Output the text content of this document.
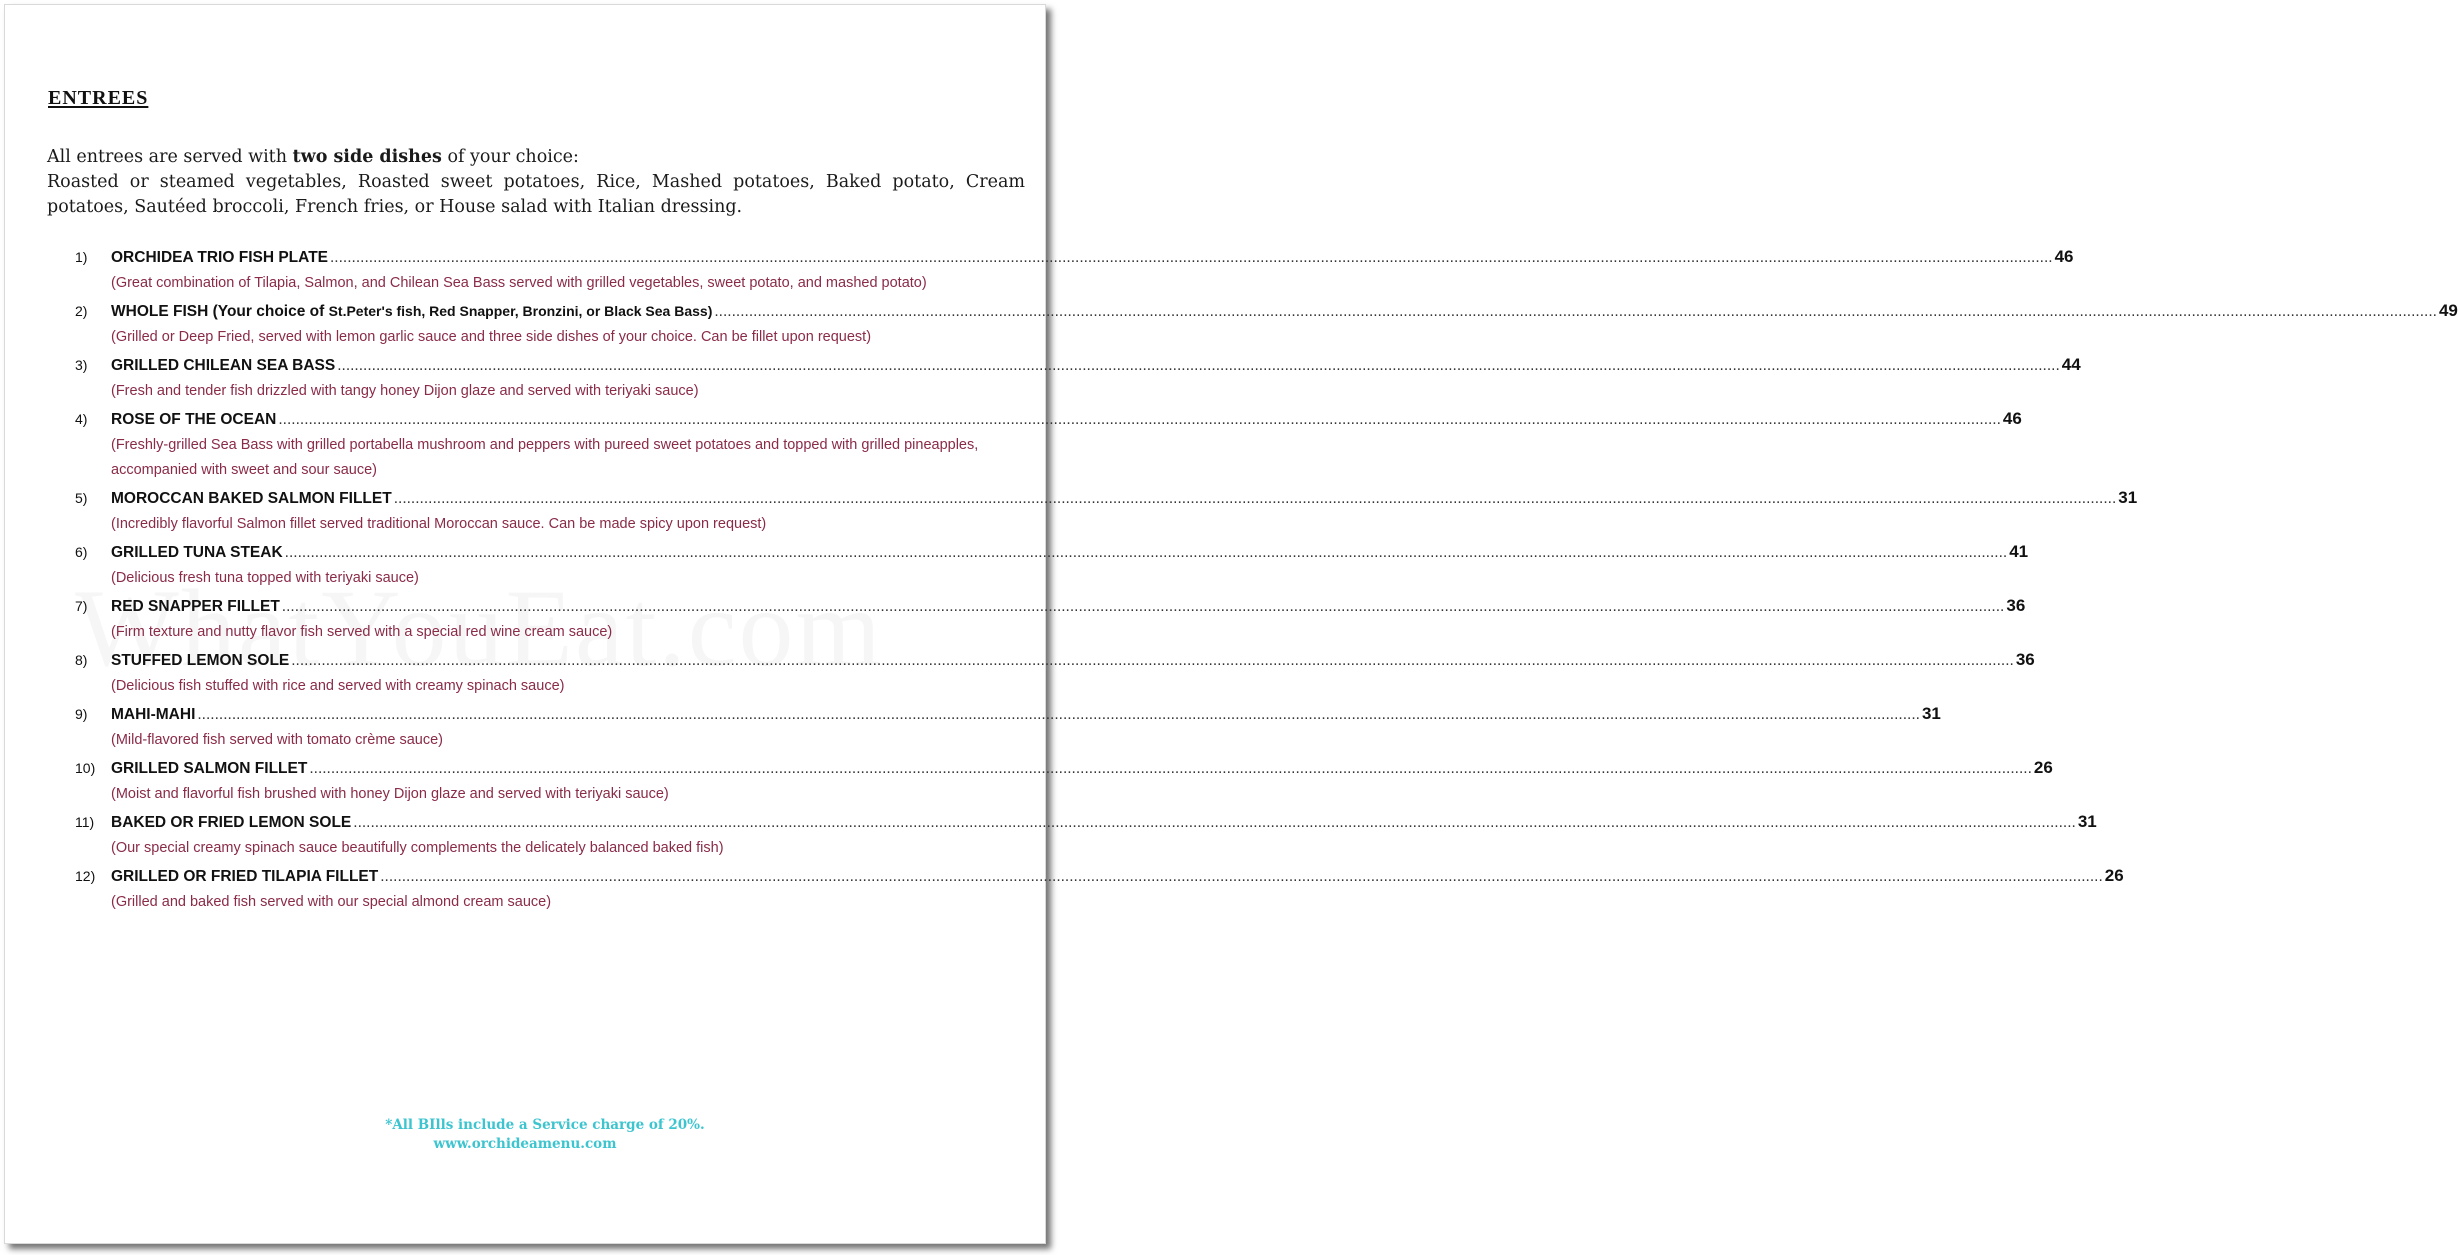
ENTREES
All entrees are served with two side dishes of your choice:
Roasted or steamed vegetables, Roasted sweet potatoes, Rice, Mashed potatoes, Baked potato, Cream potatoes, Sautéed broccoli, French fries, or House salad with Italian dressing.
1)	ORCHIDEA TRIO FISH PLATE ................................................................................................................................................................................................................................................................................................................................................................................................................ 46
(Great combination of Tilapia, Salmon, and Chilean Sea Bass served with grilled vegetables, sweet potato, and mashed potato)
2)	WHOLE FISH (Your choice of St.Peter's fish, Red Snapper, Bronzini, or Black Sea Bass) ................................................................................................................................................................................................................................................................................................................................................................................................................ 49
(Grilled or Deep Fried, served with lemon garlic sauce and three side dishes of your choice. Can be fillet upon request)
3)	GRILLED CHILEAN SEA BASS ................................................................................................................................................................................................................................................................................................................................................................................................................ 44
(Fresh and tender fish drizzled with tangy honey Dijon glaze and served with teriyaki sauce)
4)	ROSE OF THE OCEAN ................................................................................................................................................................................................................................................................................................................................................................................................................ 46
(Freshly-grilled Sea Bass with grilled portabella mushroom and peppers with pureed sweet potatoes and topped with grilled pineapples, accompanied with sweet and sour sauce)
5)	MOROCCAN BAKED SALMON FILLET ................................................................................................................................................................................................................................................................................................................................................................................................................ 31
(Incredibly flavorful Salmon fillet served traditional Moroccan sauce. Can be made spicy upon request)
6)	GRILLED TUNA STEAK ................................................................................................................................................................................................................................................................................................................................................................................................................ 41
(Delicious fresh tuna topped with teriyaki sauce)
7)	RED SNAPPER FILLET ................................................................................................................................................................................................................................................................................................................................................................................................................ 36
(Firm texture and nutty flavor fish served with a special red wine cream sauce)
8)	STUFFED LEMON SOLE ................................................................................................................................................................................................................................................................................................................................................................................................................ 36
(Delicious fish stuffed with rice and served with creamy spinach sauce)
9)	MAHI-MAHI ................................................................................................................................................................................................................................................................................................................................................................................................................ 31
(Mild-flavored fish served with tomato crème sauce)
10)	GRILLED SALMON FILLET ................................................................................................................................................................................................................................................................................................................................................................................................................ 26
(Moist and flavorful fish brushed with honey Dijon glaze and served with teriyaki sauce)
11)	BAKED OR FRIED LEMON SOLE ................................................................................................................................................................................................................................................................................................................................................................................................................ 31
(Our special creamy spinach sauce beautifully complements the delicately balanced baked fish)
12)	GRILLED OR FRIED TILAPIA FILLET ................................................................................................................................................................................................................................................................................................................................................................................................................ 26
(Grilled and baked fish served with our special almond cream sauce)
*All BIlls include a Service charge of 20%.
www.orchideamenu.com
